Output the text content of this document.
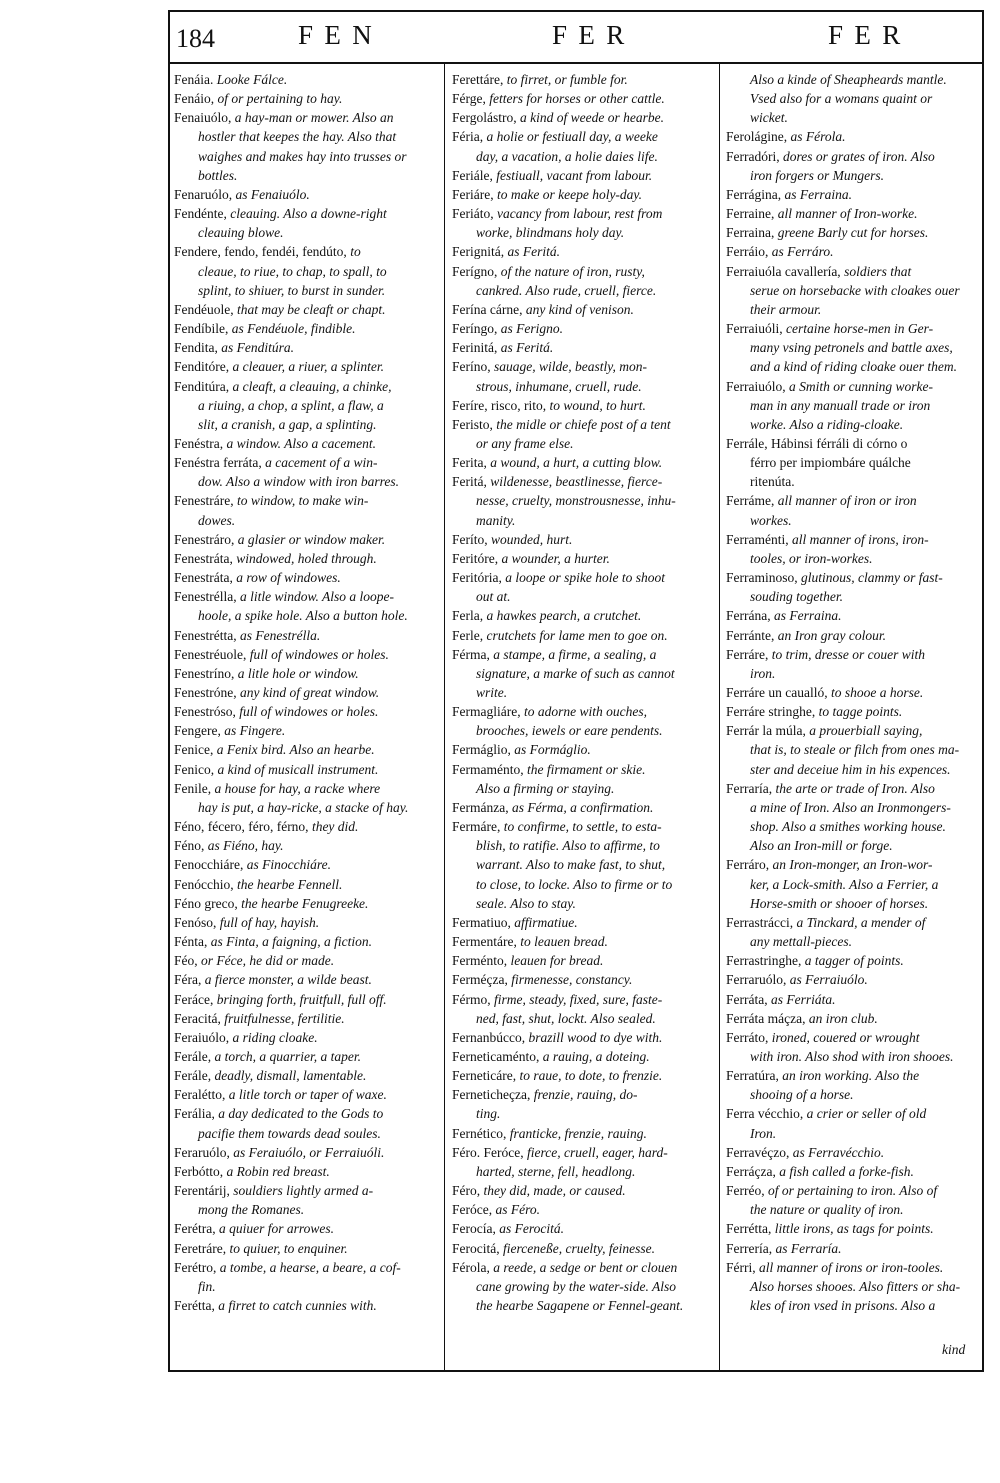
184	FEN	FER	FER
Fenáia. Looke Fálce.
Fenáio, of or pertaining to hay.
Fenaiuólo, a hay-man or mower. Also an
hostler that keepes the hay. Also that
waighes and makes hay into trusses or
bottles.
Fenaruólo, as Fenaiuólo.
Fendénte, cleauing. Also a downe-right
cleauing blowe.
Fendere, fendo, fendéi, fendúto, to
cleaue, to riue, to chap, to spall, to
splint, to shiuer, to burst in sunder.
Fendéuole, that may be cleaft or chapt.
Fendíbile, as Fendéuole, findible.
Fendita, as Fenditúra.
Fenditóre, a cleauer, a riuer, a splinter.
Fenditúra, a cleaft, a cleauing, a chinke,
a riuing, a chop, a splint, a flaw, a
slit, a cranish, a gap, a splinting.
Fenéstra, a window. Also a cacement.
Fenéstra ferráta, a cacement of a win-
dow. Also a window with iron barres.
Fenestráre, to window, to make win-
dowes.
Fenestráro, a glasier or window maker.
Fenestráta, windowed, holed through.
Fenestráta, a row of windowes.
Fenestrélla, a litle window. Also a loope-
hoole, a spike hole. Also a button hole.
Fenestrétta, as Fenestrélla.
Fenestréuole, full of windowes or holes.
Fenestríno, a litle hole or window.
Fenestróne, any kind of great window.
Fenestróso, full of windowes or holes.
Fengere, as Fingere.
Fenice, a Fenix bird. Also an hearbe.
Fenico, a kind of musicall instrument.
Fenile, a house for hay, a racke where
hay is put, a hay-ricke, a stacke of hay.
Féno, fécero, féro, férno, they did.
Féno, as Fiéno, hay.
Fenocchiáre, as Finocchiáre.
Fenócchio, the hearbe Fennell.
Féno greco, the hearbe Fenugreeke.
Fenóso, full of hay, hayish.
Fénta, as Finta, a faigning, a fiction.
Féo, or Féce, he did or made.
Féra, a fierce monster, a wilde beast.
Feráce, bringing forth, fruitfull, full off.
Feracitá, fruitfulnesse, fertilitie.
Feraiuólo, a riding cloake.
Ferále, a torch, a quarrier, a taper.
Ferále, deadly, dismall, lamentable.
Feralétto, a litle torch or taper of waxe.
Ferália, a day dedicated to the Gods to
pacifie them towards dead soules.
Feraruólo, as Feraiuólo, or Ferraiuóli.
Ferbótto, a Robin red breast.
Ferentárij, souldiers lightly armed a-
mong the Romanes.
Ferétra, a quiuer for arrowes.
Feretráre, to quiuer, to enquiner.
Ferétro, a tombe, a hearse, a beare, a cof-
fin.
Ferétta, a firret to catch cunnies with.
Ferettáre, to firret, or fumble for.
Férge, fetters for horses or other cattle.
Fergolástro, a kind of weede or hearbe.
Féria, a holie or festiuall day, a weeke
day, a vacation, a holie daies life.
Feriále, festiuall, vacant from labour.
Feriáre, to make or keepe holy-day.
Feriáto, vacancy from labour, rest from
worke, blindmans holy day.
Ferignitá, as Feritá.
Ferígno, of the nature of iron, rusty,
cankred. Also rude, cruell, fierce.
Ferína cárne, any kind of venison.
Feríngo, as Ferigno.
Ferinitá, as Feritá.
Feríno, sauage, wilde, beastly, mon-
strous, inhumane, cruell, rude.
Feríre, risco, rito, to wound, to hurt.
Feristo, the midle or chiefe post of a tent
or any frame else.
Ferita, a wound, a hurt, a cutting blow.
Feritá, wildenesse, beastlinesse, fierce-
nesse, cruelty, monstrousnesse, inhu-
manity.
Feríto, wounded, hurt.
Feritóre, a wounder, a hurter.
Feritória, a loope or spike hole to shoot
out at.
Ferla, a hawkes pearch, a crutchet.
Ferle, crutchets for lame men to goe on.
Férma, a stampe, a firme, a sealing, a
signature, a marke of such as cannot
write.
Fermagliáre, to adorne with ouches,
brooches, iewels or eare pendents.
Fermáglio, as Formáglio.
Fermaménto, the firmament or skie.
Also a firming or staying.
Fermánza, as Férma, a confirmation.
Fermáre, to confirme, to settle, to esta-
blish, to ratifie. Also to affirme, to
warrant. Also to make fast, to shut,
to close, to locke. Also to firme or to
seale. Also to stay.
Fermatiuo, affirmatiue.
Fermentáre, to leauen bread.
Ferménto, leauen for bread.
Ferméçza, firmenesse, constancy.
Férmo, firme, steady, fixed, sure, faste-
ned, fast, shut, lockt. Also sealed.
Fernanbúcco, brazill wood to dye with.
Ferneticaménto, a rauing, a doteing.
Ferneticáre, to raue, to dote, to frenzie.
Ferneticheçza, frenzie, rauing, do-
ting.
Fernético, franticke, frenzie, rauing.
Féro. Feróce, fierce, cruell, eager, hard-
harted, sterne, fell, headlong.
Féro, they did, made, or caused.
Feróce, as Féro.
Ferocía, as Ferocitá.
Ferocitá, fierceneße, cruelty, feinesse.
Férola, a reede, a sedge or bent or clouen
cane growing by the water-side. Also
the hearbe Sagapene or Fennel-geant.
Also a kinde of Sheapheards mantle.
Vsed also for a womans quaint or
wicket.
Ferolágine, as Férola.
Ferradóri, dores or grates of iron. Also
iron forgers or Mungers.
Ferrágina, as Ferraina.
Ferraine, all manner of Iron-worke.
Ferraina, greene Barly cut for horses.
Ferráio, as Ferráro.
Ferraiuóla cavallería, soldiers that
serue on horsebacke with cloakes ouer
their armour.
Ferraiuóli, certaine horse-men in Ger-
many vsing petronels and battle axes,
and a kind of riding cloake ouer them.
Ferraiuólo, a Smith or cunning worke-
man in any manuall trade or iron
worke. Also a riding-cloake.
Ferrále, Hábinsi férráli di córno o
férro per impiombáre quálche
ritenúta.
Ferráme, all manner of iron or iron
workes.
Ferraménti, all manner of irons, iron-
tooles, or iron-workes.
Ferraminoso, glutinous, clammy or fast-
souding together.
Ferrána, as Ferraina.
Ferránte, an Iron gray colour.
Ferráre, to trim, dresse or couer with
iron.
Ferráre un caualló, to shooe a horse.
Ferráre stringhe, to tagge points.
Ferrár la múla, a prouerbiall saying,
that is, to steale or filch from ones ma-
ster and deceiue him in his expences.
Ferraría, the arte or trade of Iron. Also
a mine of Iron. Also an Ironmongers-
shop. Also a smithes working house.
Also an Iron-mill or forge.
Ferráro, an Iron-monger, an Iron-wor-
ker, a Lock-smith. Also a Ferrier, a
Horse-smith or shooer of horses.
Ferrastrácci, a Tinckard, a mender of
any mettall-pieces.
Ferrastringhe, a tagger of points.
Ferraruólo, as Ferraiuólo.
Ferráta, as Ferriáta.
Ferráta máçza, an iron club.
Ferráto, ironed, couered or wrought
with iron. Also shod with iron shooes.
Ferratúra, an iron working. Also the
shooing of a horse.
Ferra vécchio, a crier or seller of old
Iron.
Ferravéçzo, as Ferravécchio.
Ferráçza, a fish called a forke-fish.
Ferréo, of or pertaining to iron. Also of
the nature or quality of iron.
Ferrétta, little irons, as tags for points.
Ferrería, as Ferraría.
Férri, all manner of irons or iron-tooles.
Also horses shooes. Also fitters or sha-
kles of iron vsed in prisons. Also a
kind
